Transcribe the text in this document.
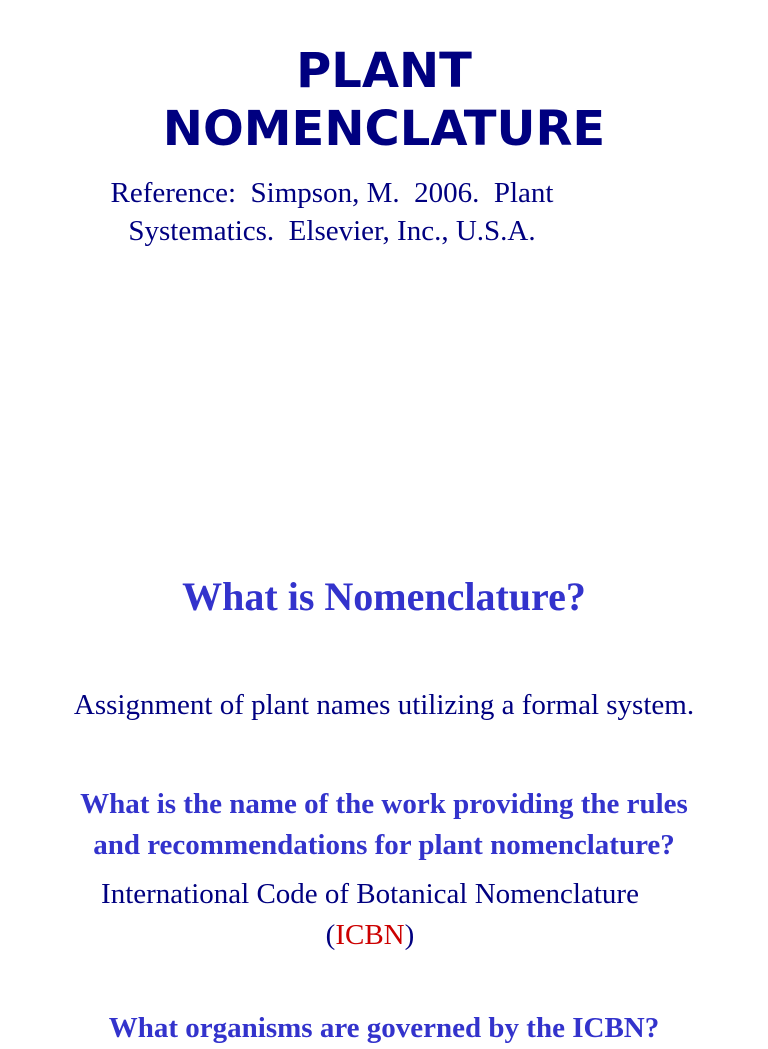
PLANT
NOMENCLATURE
Reference:  Simpson, M.  2006.  Plant
Systematics.  Elsevier, Inc., U.S.A.
What is Nomenclature?
Assignment of plant names utilizing a formal system.
What is the name of the work providing the rules
and recommendations for plant nomenclature?
International Code of Botanical Nomenclature
(ICBN)
What organisms are governed by the ICBN?
